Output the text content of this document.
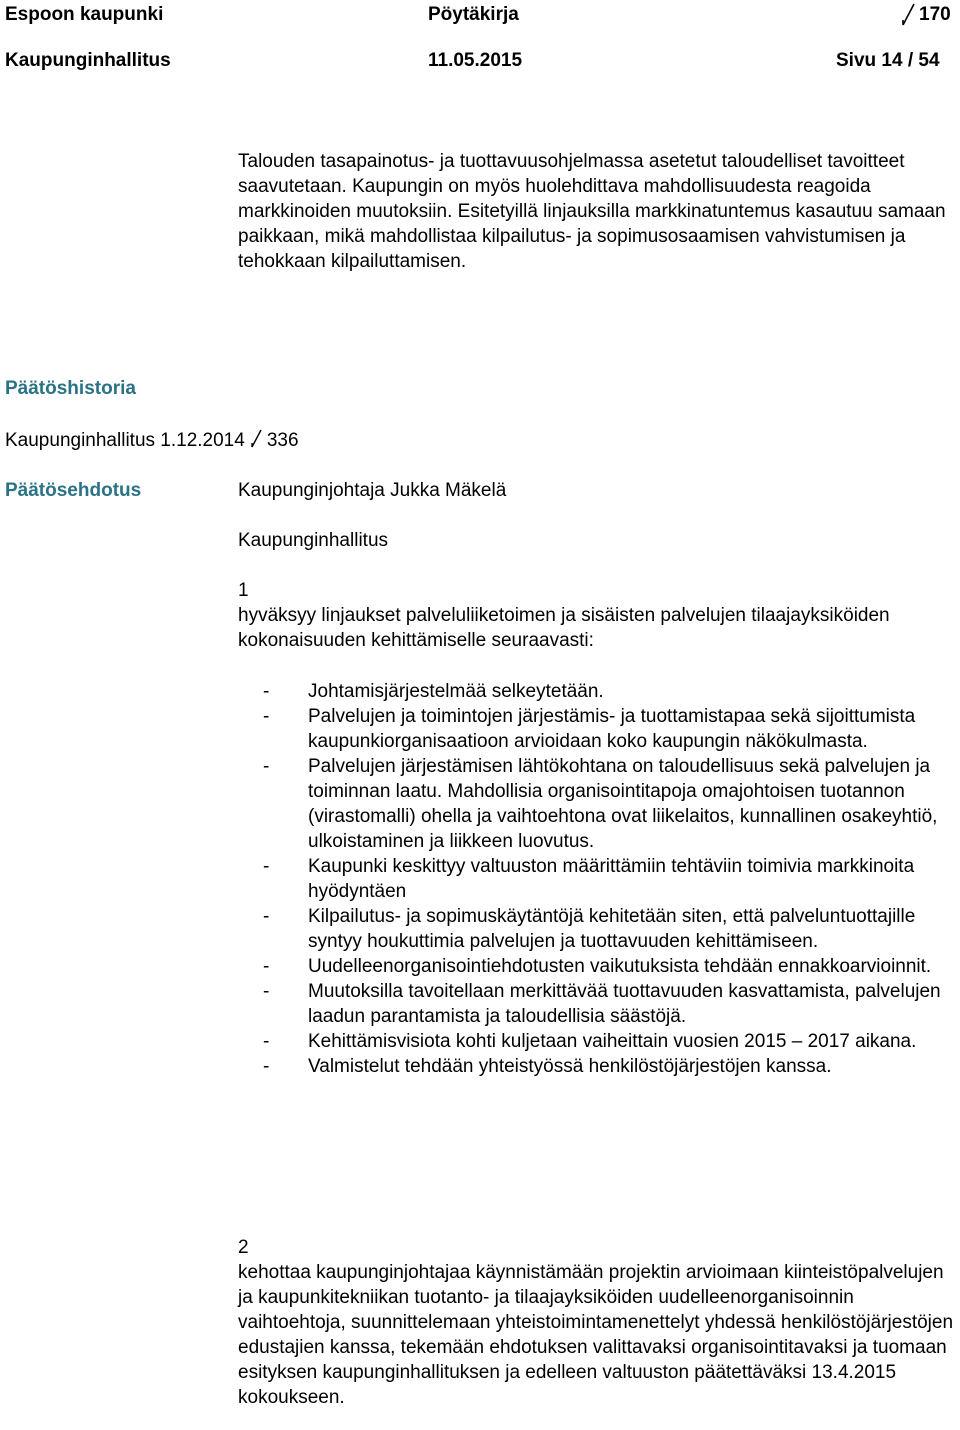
Espoon kaupunki	Pöytäkirja	170
Kaupunginhallitus	11.05.2015	Sivu 14 / 54

Talouden tasapainotus- ja tuottavuusohjelmassa asetetut taloudelliset tavoitteet saavutetaan. Kaupungin on myös huolehdittava mahdollisuudesta reagoida markkinoiden muutoksiin. Esitetyillä linjauksilla markkinatuntemus kasautuu samaan paikkaan, mikä mahdollistaa kilpailutus- ja sopimusosaamisen vahvistumisen ja tehokkaan kilpailuttamisen.

Päätöshistoria
Kaupunginhallitus 1.12.2014 336
Päätösehdotus	Kaupunginjohtaja Jukka Mäkelä
Kaupunginhallitus
1

hyväksyy linjaukset palveluliiketoimen ja sisäisten palvelujen tilaajayksiköiden kokonaisuuden kehittämiselle seuraavasti:

- Johtamisjärjestelmää selkeytetään.
- Palvelujen ja toimintojen järjestämis- ja tuottamistapaa sekä sijoittumista kaupunkiorganisaatioon arvioidaan koko kaupungin näkökulmasta.
- Palvelujen järjestämisen lähtökohtana on taloudellisuus sekä palvelujen ja toiminnan laatu. Mahdollisia organisointitapoja omajohtoisen tuotannon (virastomalli) ohella ja vaihtoehtona ovat liikelaitos, kunnallinen osakeyhtiö, ulkoistaminen ja liikkeen luovutus.
- Kaupunki keskittyy valtuuston määrittämiin tehtäviin toimivia markkinoita hyödyntäen
- Kilpailutus- ja sopimuskäytäntöjä kehitetään siten, että palveluntuottajille syntyy houkuttimia palvelujen ja tuottavuuden kehittämiseen.
- Uudelleenorganisointiehdotusten vaikutuksista tehdään ennakkoarvioinnit.
- Muutoksilla tavoitellaan merkittävää tuottavuuden kasvattamista, palvelujen laadun parantamista ja taloudellisia säästöjä.
- Kehittämisvisiota kohti kuljetaan vaiheittain vuosien 2015 – 2017 aikana.
- Valmistelut tehdään yhteistyössä henkilöstöjärjestöjen kanssa.
2

kehottaa kaupunginjohtajaa käynnistämään projektin arvioimaan kiinteistöpalvelujen ja kaupunkitekniikan tuotanto- ja tilaajayksiköiden uudelleenorganisoinnin vaihtoehtoja, suunnittelemaan yhteistoimintamenettelyt yhdessä henkilöstöjärjestöjen edustajien kanssa, tekemään ehdotuksen valittavaksi organisointitavaksi ja tuomaan esityksen kaupunginhallituksen ja edelleen valtuuston päätettäväksi 13.4.2015 kokoukseen.
